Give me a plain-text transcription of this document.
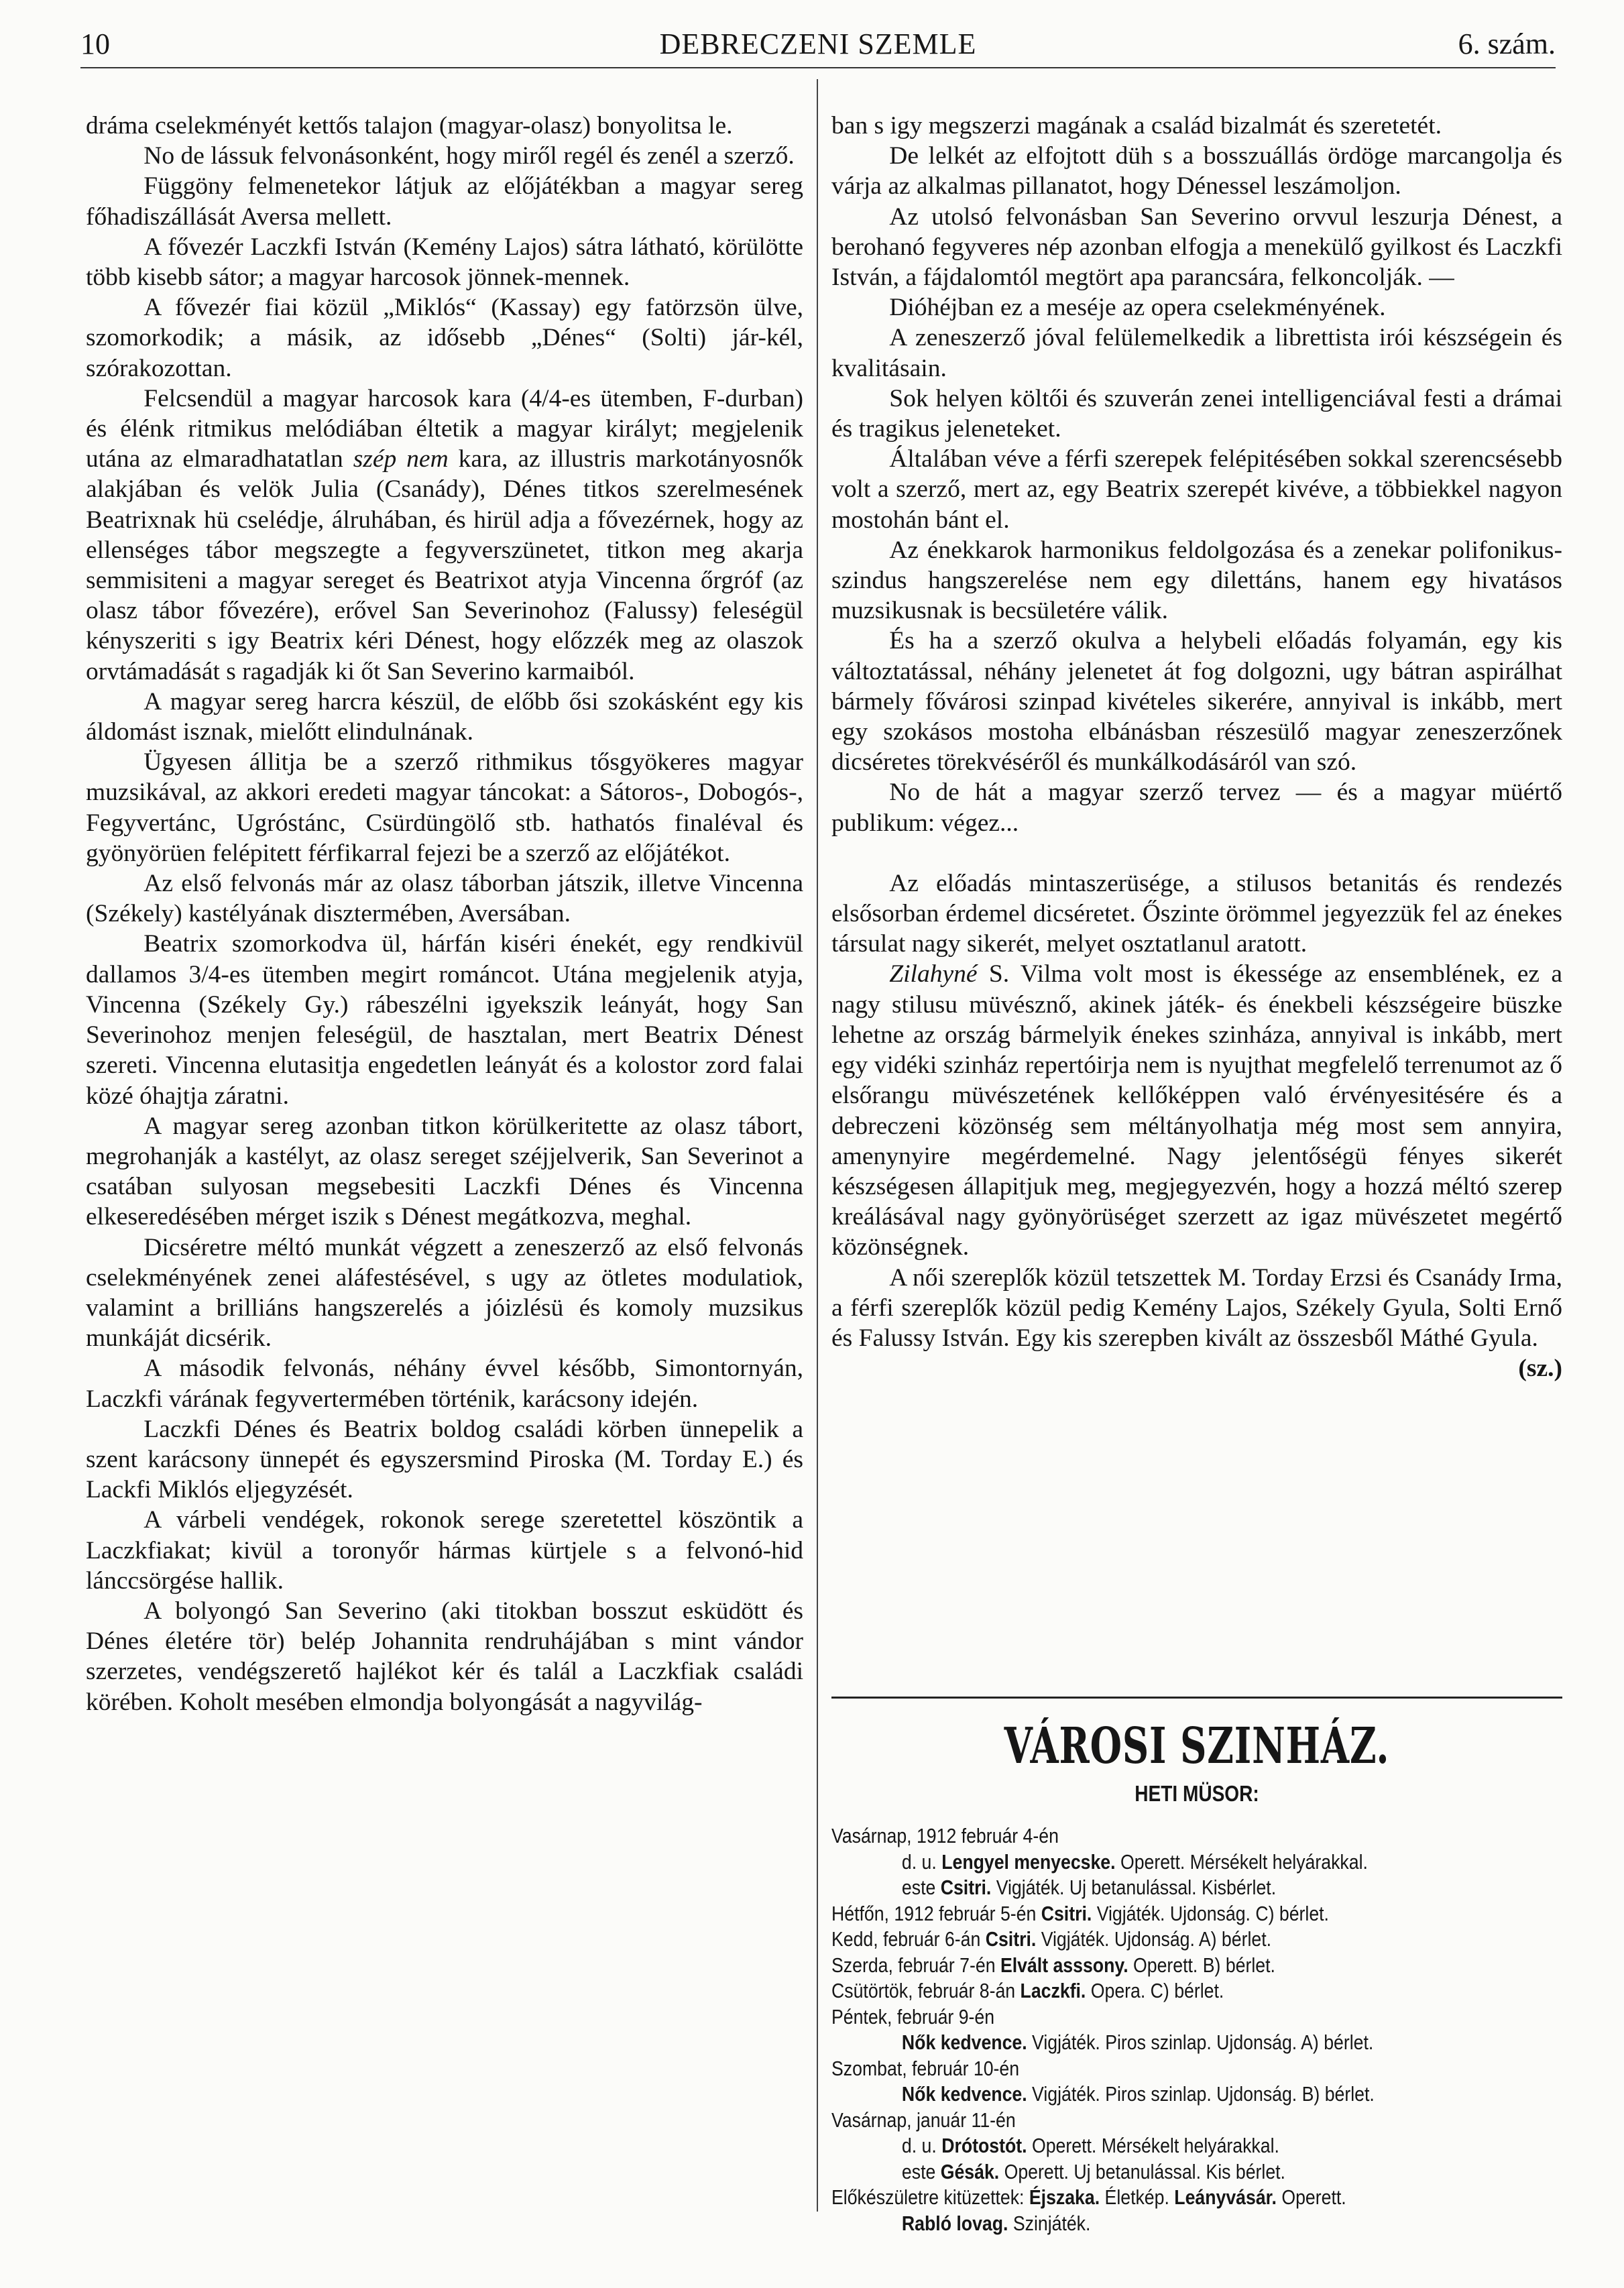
DEBRECZENI SZEMLE
10	6. szám.

dráma cselekményét kettős talajon (magyar-olasz) bonyolitsa le.

No de lássuk felvonásonként, hogy miről regél és zenél a szerző.

Függöny felmenetekor látjuk az előjátékban a magyar sereg főhadiszállását Aversa mellett.

A fővezér Laczkfi István (Kemény Lajos) sátra látható, körülötte több kisebb sátor; a magyar harcosok jönnek-mennek.

A fővezér fiai közül „Miklós“ (Kassay) egy fatörzsön ülve, szomorkodik; a másik, az idősebb „Dénes“ (Solti) jár-kél, szórakozottan.

Felcsendül a magyar harcosok kara (4/4-es ütemben, F-durban) és élénk ritmikus melódiában éltetik a magyar királyt; megjelenik utána az elmaradhatatlan szép nem kara, az illustris markotányosnők alakjában és velök Julia (Csanády), Dénes titkos szerelmesének Beatrixnak hü cselédje, álruhában, és hirül adja a fővezérnek, hogy az ellenséges tábor megszegte a fegyverszünetet, titkon meg akarja semmisiteni a magyar sereget és Beatrixot atyja Vincenna őrgróf (az olasz tábor fővezére), erővel San Severinohoz (Falussy) feleségül kényszeriti s igy Beatrix kéri Dénest, hogy előzzék meg az olaszok orvtámadását s ragadják ki őt San Severino karmaiból.

A magyar sereg harcra készül, de előbb ősi szokásként egy kis áldomást isznak, mielőtt elindulnának.

Ügyesen állitja be a szerző rithmikus tősgyökeres magyar muzsikával, az akkori eredeti magyar táncokat: a Sátoros-, Dobogós-, Fegyvertánc, Ugróstánc, Csürdüngölő stb. hathatós finaléval és gyönyörüen felépitett férfikarral fejezi be a szerző az előjátékot.

Az első felvonás már az olasz táborban játszik, illetve Vincenna (Székely) kastélyának disztermében, Aversában.

Beatrix szomorkodva ül, hárfán kiséri énekét, egy rendkivül dallamos 3/4-es ütemben megirt románcot. Utána megjelenik atyja, Vincenna (Székely Gy.) rábeszélni igyekszik leányát, hogy San Severinohoz menjen feleségül, de hasztalan, mert Beatrix Dénest szereti. Vincenna elutasitja engedetlen leányát és a kolostor zord falai közé óhajtja záratni.

A magyar sereg azonban titkon körülkeritette az olasz tábort, megrohanják a kastélyt, az olasz sereget széjjelverik, San Severinot a csatában sulyosan megsebesiti Laczkfi Dénes és Vincenna elkeseredésében mérget iszik s Dénest megátkozva, meghal.

Dicséretre méltó munkát végzett a zeneszerző az első felvonás cselekményének zenei aláfestésével, s ugy az ötletes modulatiok, valamint a brilliáns hangszerelés a jóizlésü és komoly muzsikus munkáját dicsérik.

A második felvonás, néhány évvel később, Simontornyán, Laczkfi várának fegyvertermében történik, karácsony idején.

Laczkfi Dénes és Beatrix boldog családi körben ünnepelik a szent karácsony ünnepét és egyszersmind Piroska (M. Torday E.) és Lackfi Miklós eljegyzését.

A várbeli vendégek, rokonok serege szeretettel köszöntik a Laczkfiakat; kivül a toronyőr hármas kürtjele s a felvonó-hid lánccsörgése hallik.

A bolyongó San Severino (aki titokban bosszut esküdött és Dénes életére tör) belép Johannita rendruhájában s mint vándor szerzetes, vendégszerető hajlékot kér és talál a Laczkfiak családi körében. Koholt mesében elmondja bolyongását a nagyvilág-

ban s igy megszerzi magának a család bizalmát és szeretetét.

De lelkét az elfojtott düh s a bosszuállás ördöge marcangolja és várja az alkalmas pillanatot, hogy Dénessel leszámoljon.

Az utolsó felvonásban San Severino orvvul leszurja Dénest, a berohanó fegyveres nép azonban elfogja a menekülő gyilkost és Laczkfi István, a fájdalomtól megtört apa parancsára, felkoncolják. —

Dióhéjban ez a meséje az opera cselekményének.

A zeneszerző jóval felülemelkedik a librettista irói készségein és kvalitásain.

Sok helyen költői és szuverán zenei intelligenciával festi a drámai és tragikus jeleneteket.

Általában véve a férfi szerepek felépitésében sokkal szerencsésebb volt a szerző, mert az, egy Beatrix szerepét kivéve, a többiekkel nagyon mostohán bánt el.

Az énekkarok harmonikus feldolgozása és a zenekar polifonikus-szindus hangszerelése nem egy dilettáns, hanem egy hivatásos muzsikusnak is becsületére válik.

És ha a szerző okulva a helybeli előadás folyamán, egy kis változtatással, néhány jelenetet át fog dolgozni, ugy bátran aspirálhat bármely fővárosi szinpad kivételes sikerére, annyival is inkább, mert egy szokásos mostoha elbánásban részesülő magyar zeneszerzőnek dicséretes törekvéséről és munkálkodásáról van szó.

No de hát a magyar szerző tervez — és a magyar müértő publikum: végez...

Az előadás mintaszerüsége, a stilusos betanitás és rendezés elsősorban érdemel dicséretet. Őszinte örömmel jegyezzük fel az énekes társulat nagy sikerét, melyet osztatlanul aratott.

Zilahyné S. Vilma volt most is ékessége az ensemblének, ez a nagy stilusu müvésznő, akinek játék- és énekbeli készségeire büszke lehetne az ország bármelyik énekes szinháza, annyival is inkább, mert egy vidéki szinház repertóirja nem is nyujthat megfelelő terrenumot az ő elsőrangu müvészetének kellőképpen való érvényesitésére és a debreczeni közönség sem méltányolhatja még most sem annyira, amenynyire megérdemelné. Nagy jelentőségü fényes sikerét készségesen állapitjuk meg, megjegyezvén, hogy a hozzá méltó szerep kreálásával nagy gyönyörüséget szerzett az igaz müvészetet megértő közönségnek.

A női szereplők közül tetszettek M. Torday Erzsi és Csanády Irma, a férfi szereplők közül pedig Kemény Lajos, Székely Gyula, Solti Ernő és Falussy István. Egy kis szerepben kivált az összesből Máthé Gyula.
(sz.)

VÁROSI SZINHÁZ.
HETI MÜSOR:
Vasárnap, 1912 február 4-én
d. u. Lengyel menyecske. Operett. Mérsékelt helyárakkal.
este Csitri. Vigjáték. Uj betanulással. Kisbérlet.
Hétfőn, 1912 február 5-én Csitri. Vigjáték. Ujdonság. C) bérlet.
Kedd, február 6-án Csitri. Vigjáték. Ujdonság. A) bérlet.
Szerda, február 7-én Elvált asssony. Operett. B) bérlet.
Csütörtök, február 8-án Laczkfi. Opera. C) bérlet.
Péntek, február 9-én
Nők kedvence. Vigjáték. Piros szinlap. Ujdonság. A) bérlet.
Szombat, február 10-én
Nők kedvence. Vigjáték. Piros szinlap. Ujdonság. B) bérlet.
Vasárnap, január 11-én
d. u. Drótostót. Operett. Mérsékelt helyárakkal.
este Gésák. Operett. Uj betanulással. Kis bérlet.
Előkészületre kitüzettek: Éjszaka. Életkép. Leányvásár. Operett.
Rabló lovag. Szinjáték.
